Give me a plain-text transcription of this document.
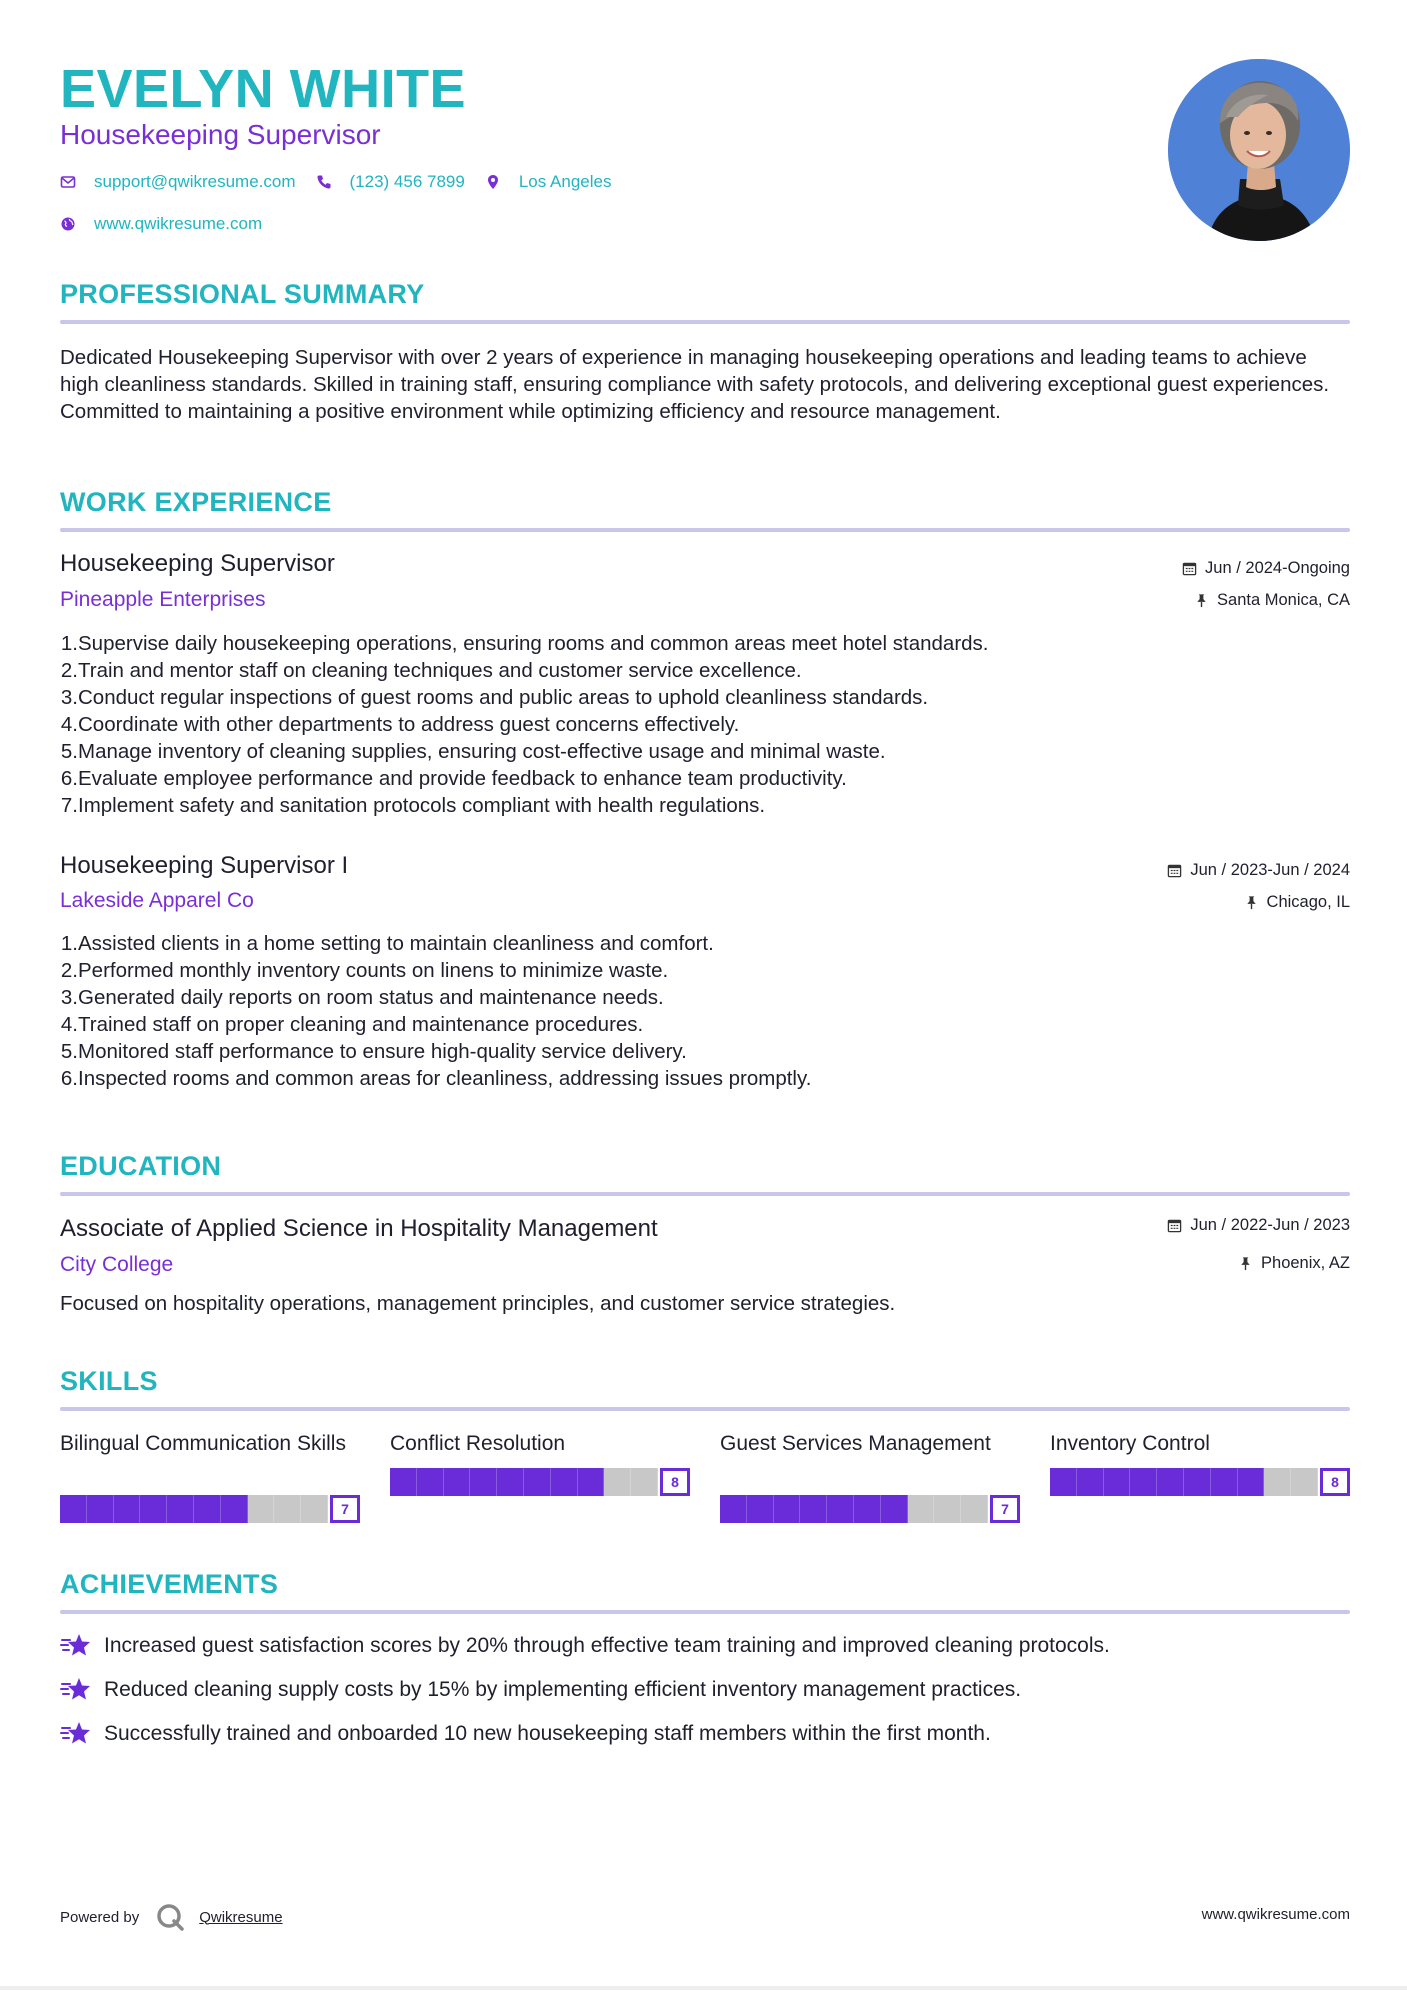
EVELYN WHITE
Housekeeping Supervisor
support@qwikresume.com	(123) 456 7899	Los Angeles
www.qwikresume.com
PROFESSIONAL SUMMARY
Dedicated Housekeeping Supervisor with over 2 years of experience in managing housekeeping operations and leading teams to achieve high cleanliness standards. Skilled in training staff, ensuring compliance with safety protocols, and delivering exceptional guest experiences. Committed to maintaining a positive environment while optimizing efficiency and resource management.
WORK EXPERIENCE
Housekeeping Supervisor	Jun / 2024-Ongoing
Pineapple Enterprises	Santa Monica, CA
1. Supervise daily housekeeping operations, ensuring rooms and common areas meet hotel standards.
2. Train and mentor staff on cleaning techniques and customer service excellence.
3. Conduct regular inspections of guest rooms and public areas to uphold cleanliness standards.
4. Coordinate with other departments to address guest concerns effectively.
5. Manage inventory of cleaning supplies, ensuring cost-effective usage and minimal waste.
6. Evaluate employee performance and provide feedback to enhance team productivity.
7. Implement safety and sanitation protocols compliant with health regulations.
Housekeeping Supervisor I	Jun / 2023-Jun / 2024
Lakeside Apparel Co	Chicago, IL
1. Assisted clients in a home setting to maintain cleanliness and comfort.
2. Performed monthly inventory counts on linens to minimize waste.
3. Generated daily reports on room status and maintenance needs.
4. Trained staff on proper cleaning and maintenance procedures.
5. Monitored staff performance to ensure high-quality service delivery.
6. Inspected rooms and common areas for cleanliness, addressing issues promptly.
EDUCATION
Associate of Applied Science in Hospitality Management	Jun / 2022-Jun / 2023
City College	Phoenix, AZ
Focused on hospitality operations, management principles, and customer service strategies.
SKILLS
Bilingual Communication Skills
7
Conflict Resolution
8
Guest Services Management
7
Inventory Control
8
ACHIEVEMENTS
Increased guest satisfaction scores by 20% through effective team training and improved cleaning protocols.
Reduced cleaning supply costs by 15% by implementing efficient inventory management practices.
Successfully trained and onboarded 10 new housekeeping staff members within the first month.
Powered by	Qwikresume	www.qwikresume.com
